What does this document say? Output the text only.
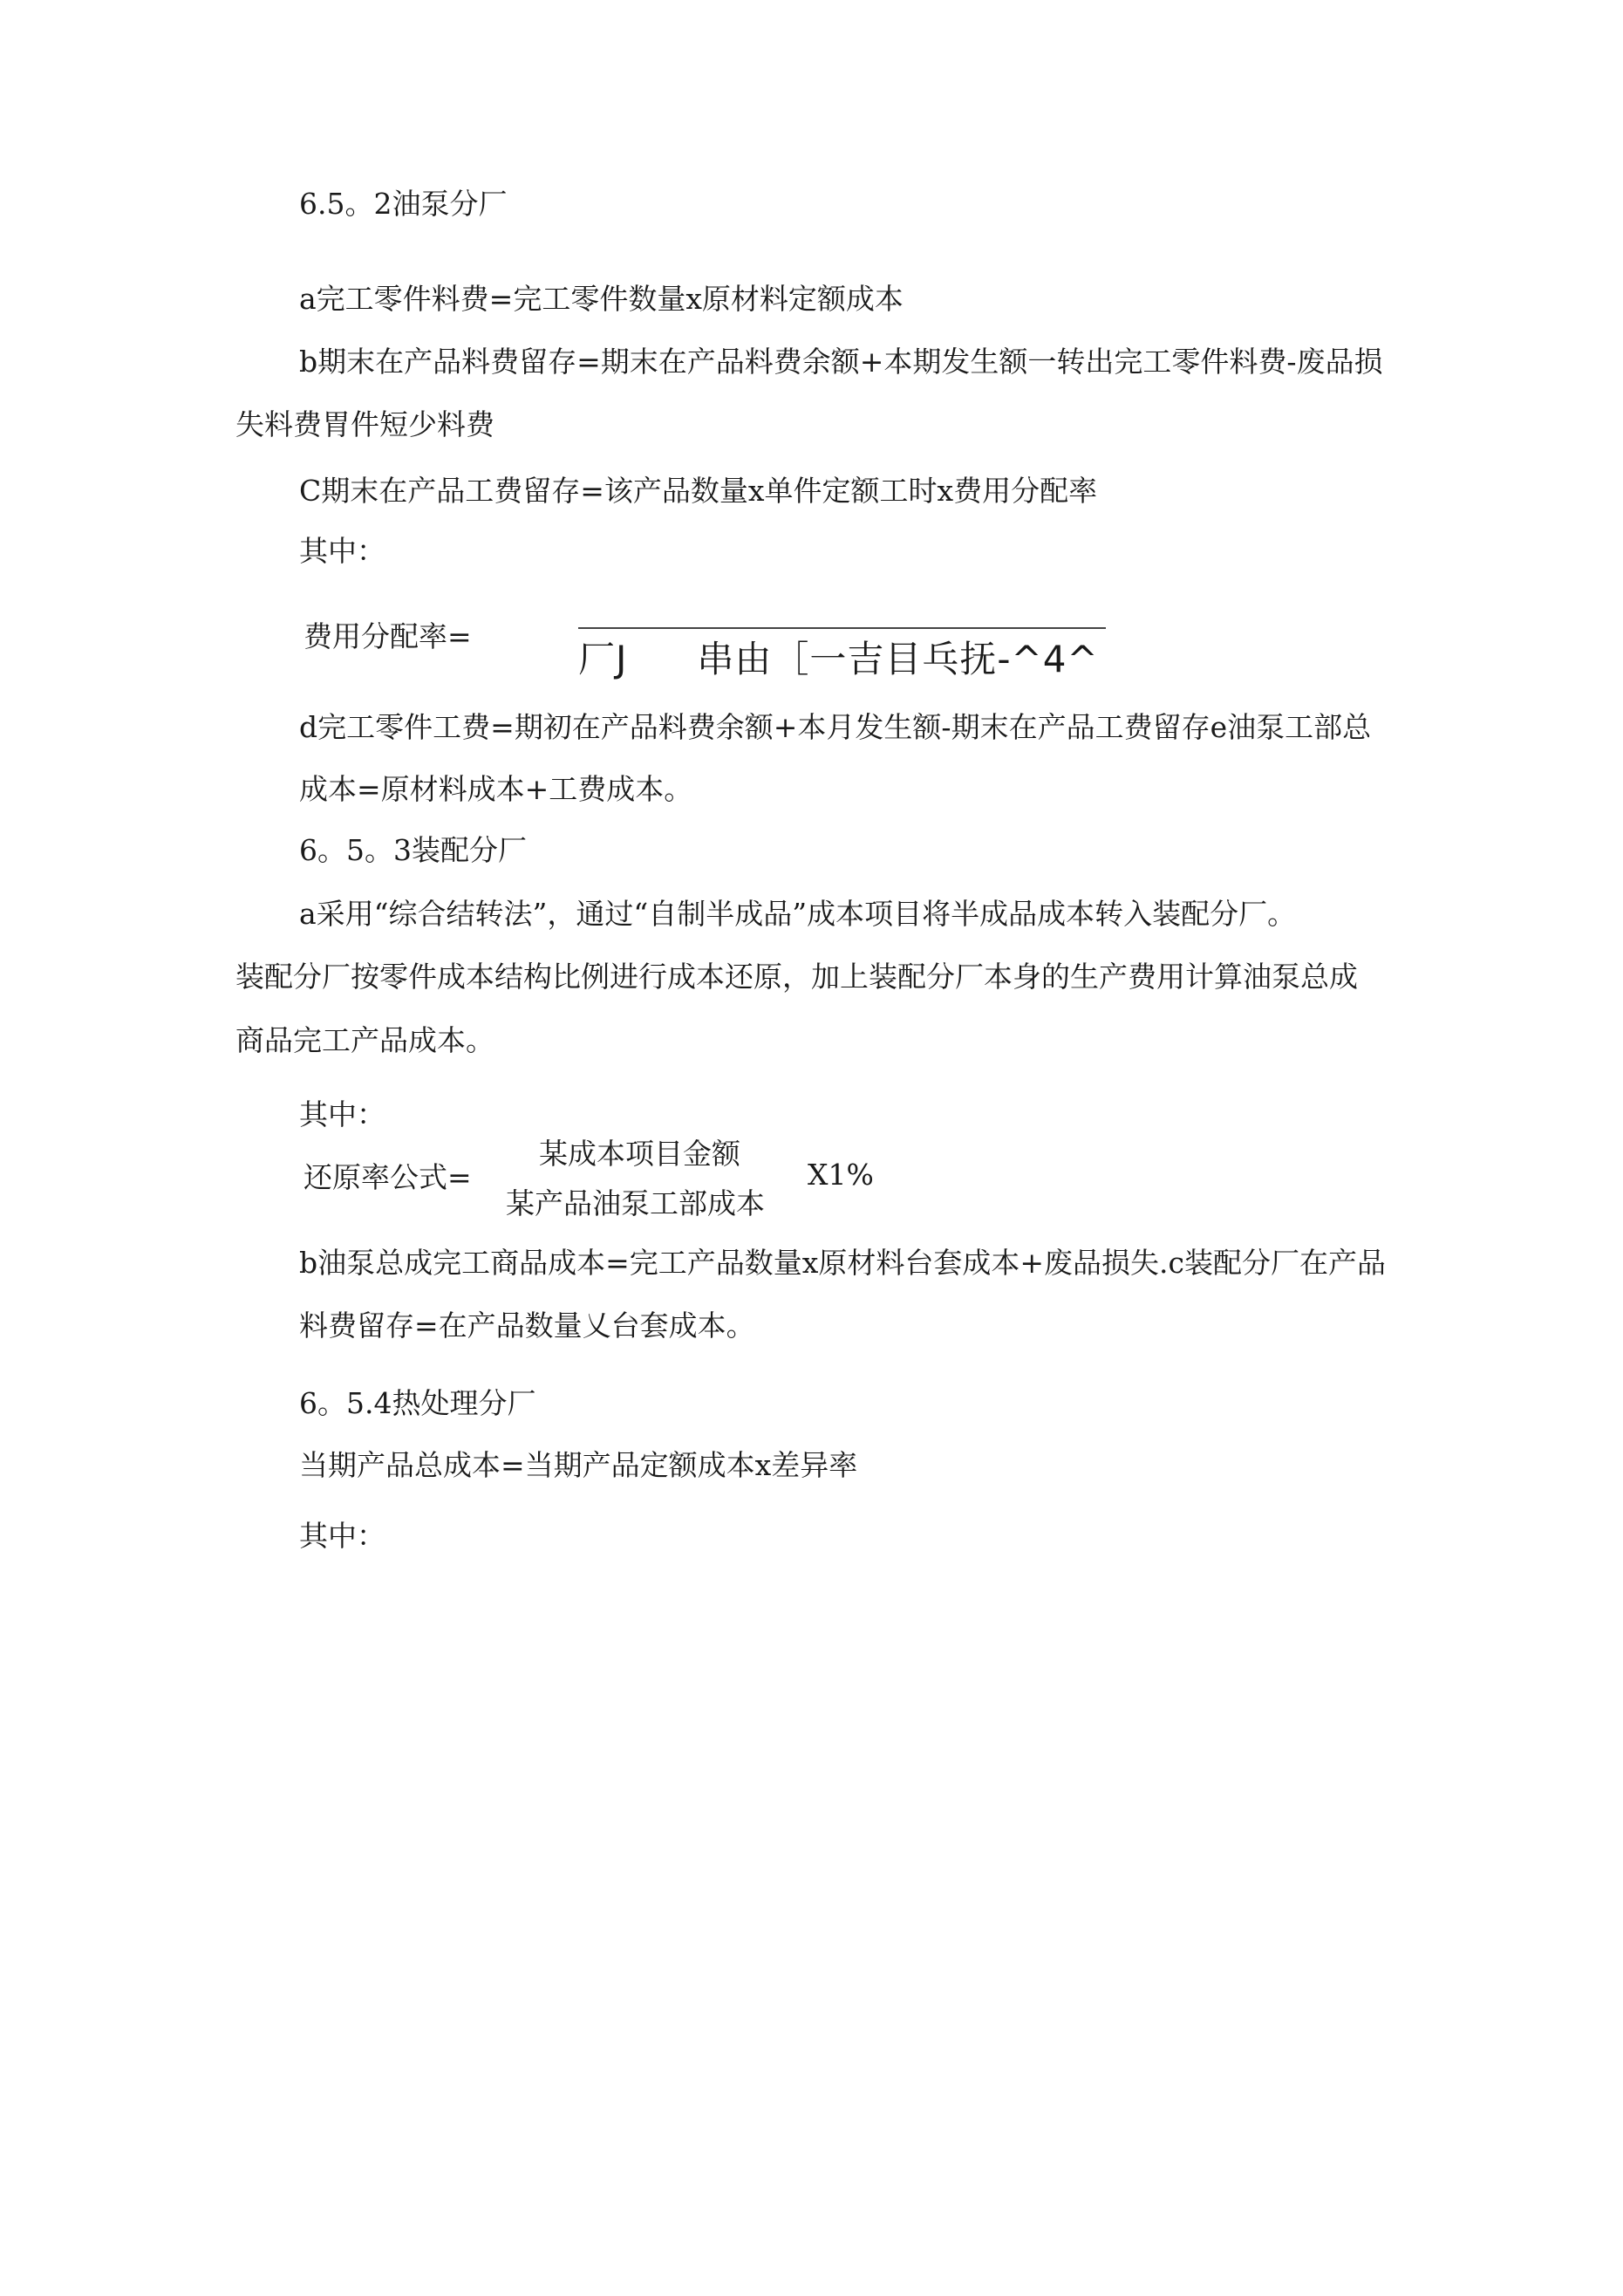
6.5。2油泵分厂
a完工零件料费=完工零件数量x原材料定额成本
b期末在产品料费留存=期末在产品料费余额+本期发生额一转出完工零件料费-废品损
失料费胃件短少料费
C期末在产品工费留存=该产品数量x单件定额工时x费用分配率
其中：
费用分配率=
厂J 串由［一吉目乓抚-^4^
d完工零件工费=期初在产品料费余额+本月发生额-期末在产品工费留存e油泵工部总
成本=原材料成本+工费成本。
6。5。3装配分厂
a采用“综合结转法”，通过“自制半成品”成本项目将半成品成本转入装配分厂。
装配分厂按零件成本结构比例进行成本还原，加上装配分厂本身的生产费用计算油泵总成
商品完工产品成本。
其中：
还原率公式=
某成本项目金额
某产品油泵工部成本
X1%
b油泵总成完工商品成本=完工产品数量x原材料台套成本+废品损失.c装配分厂在产品
料费留存=在产品数量乂台套成本。
6。5.4热处理分厂
当期产品总成本=当期产品定额成本x差异率
其中：
